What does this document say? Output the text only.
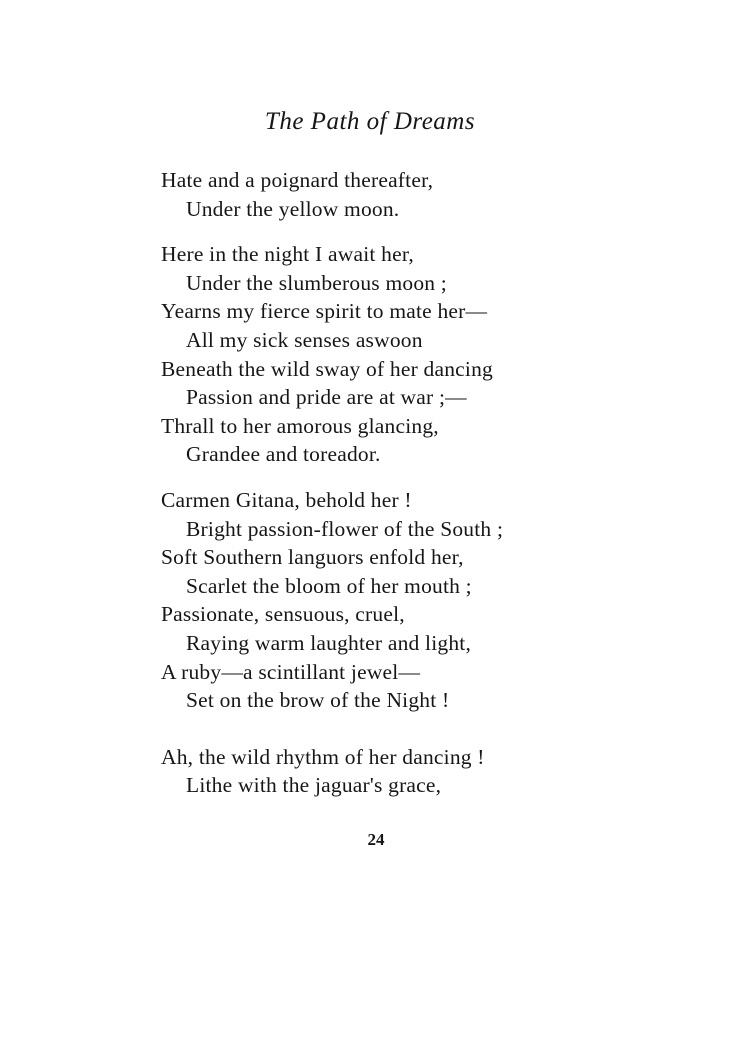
The Path of Dreams
Hate and a poignard thereafter,
Under the yellow moon.
Here in the night I await her,
Under the slumberous moon ;
Yearns my fierce spirit to mate her—
All my sick senses aswoon
Beneath the wild sway of her dancing
Passion and pride are at war ;—
Thrall to her amorous glancing,
Grandee and toreador.
Carmen Gitana, behold her !
Bright passion-flower of the South ;
Soft Southern languors enfold her,
Scarlet the bloom of her mouth ;
Passionate, sensuous, cruel,
Raying warm laughter and light,
A ruby—a scintillant jewel—
Set on the brow of the Night !
Ah, the wild rhythm of her dancing !
Lithe with the jaguar's grace,
24
